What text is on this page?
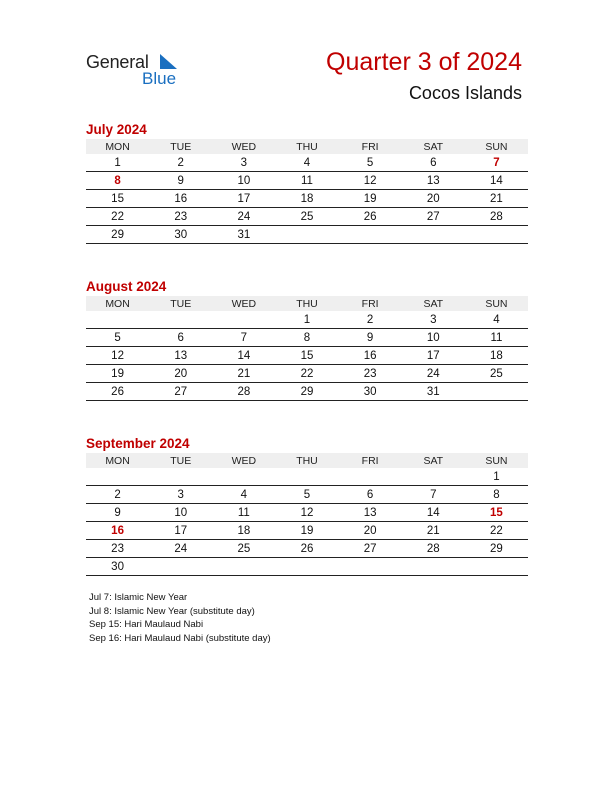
General
Blue
Quarter 3 of 2024
Cocos Islands
July 2024
MON	TUE	WED	THU	FRI	SAT	SUN
1	2	3	4	5	6	7
8	9	10	11	12	13	14
15	16	17	18	19	20	21
22	23	24	25	26	27	28
29	30	31				
August 2024
MON	TUE	WED	THU	FRI	SAT	SUN
			1	2	3	4
5	6	7	8	9	10	11
12	13	14	15	16	17	18
19	20	21	22	23	24	25
26	27	28	29	30	31	
September 2024
MON	TUE	WED	THU	FRI	SAT	SUN
						1
2	3	4	5	6	7	8
9	10	11	12	13	14	15
16	17	18	19	20	21	22
23	24	25	26	27	28	29
30						
Jul 7: Islamic New Year
Jul 8: Islamic New Year (substitute day)
Sep 15: Hari Maulaud Nabi
Sep 16: Hari Maulaud Nabi (substitute day)
